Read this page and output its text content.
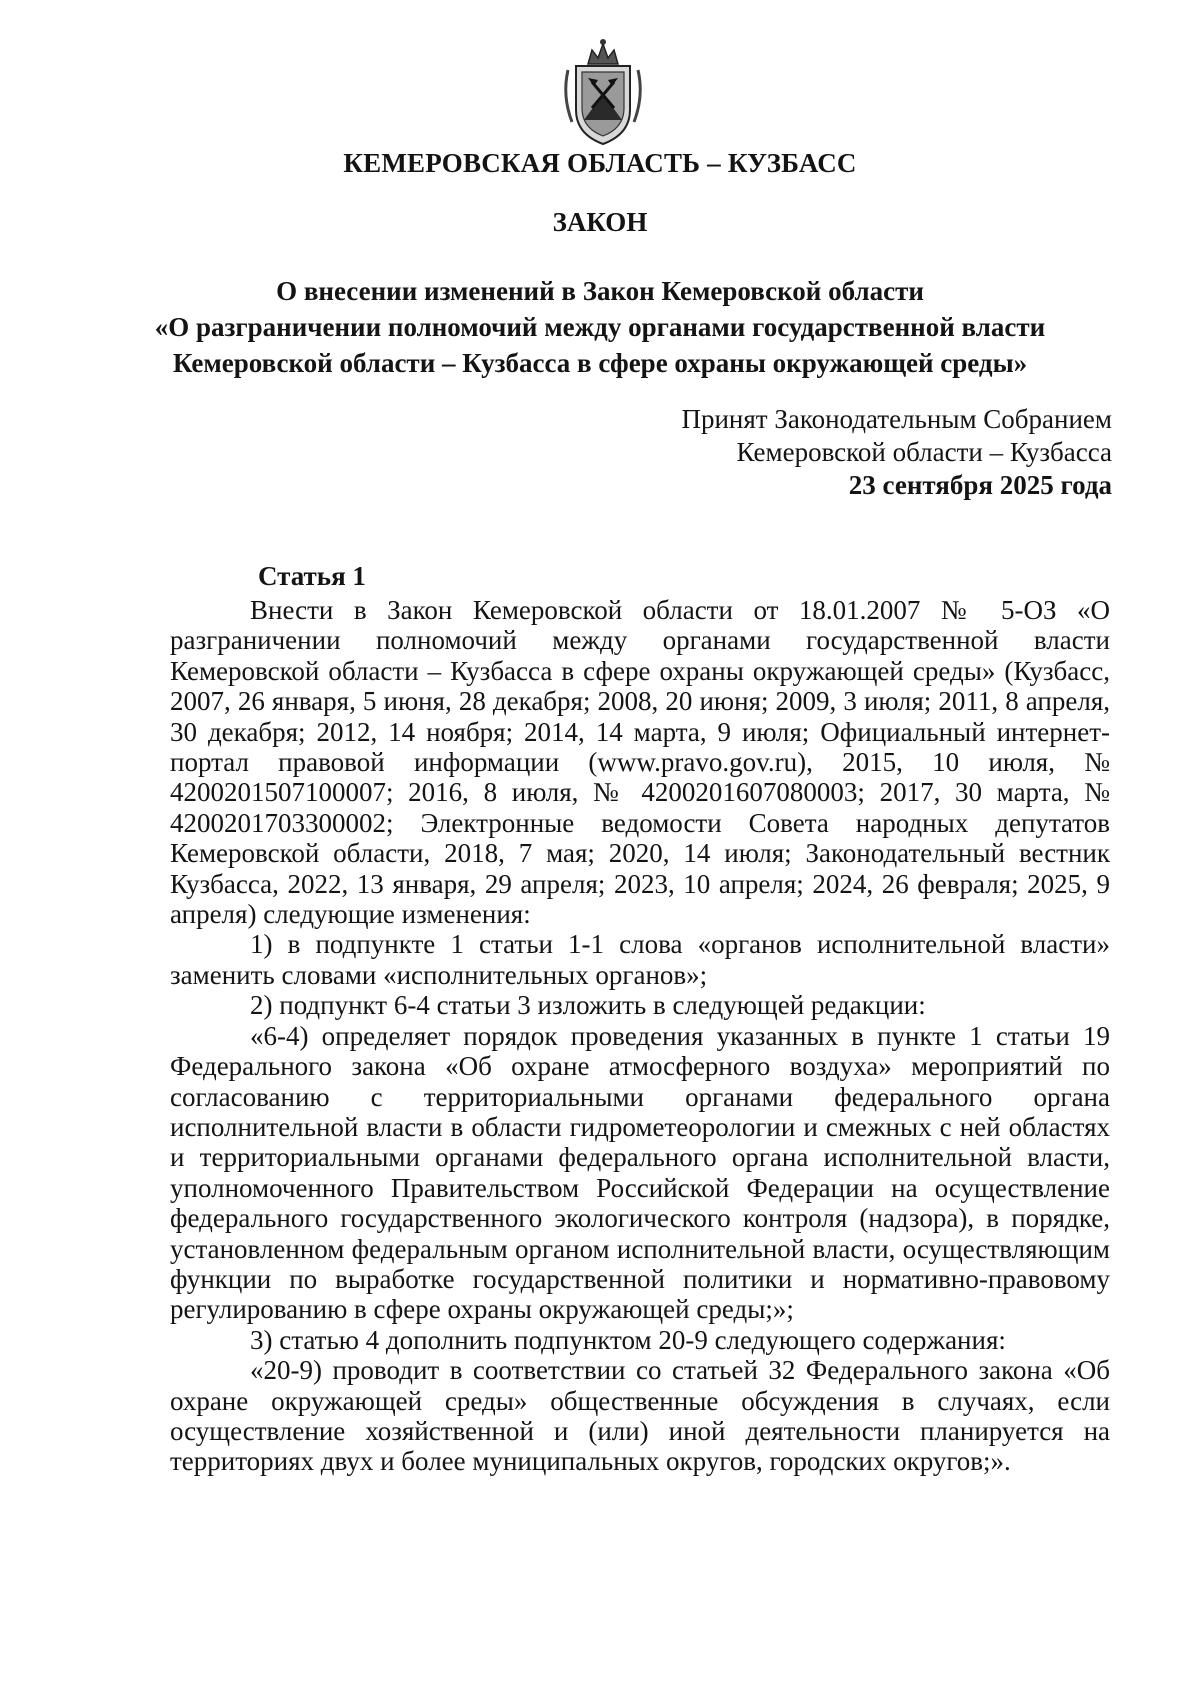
КЕМЕРОВСКАЯ ОБЛАСТЬ – КУЗБАСС
ЗАКОН
О внесении изменений в Закон Кемеровской области
«О разграничении полномочий между органами государственной власти
Кемеровской области – Кузбасса в сфере охраны окружающей среды»
Принят Законодательным Собранием
Кемеровской области – Кузбасса
23 сентября 2025 года
Статья 1

Внести в Закон Кемеровской области от 18.01.2007 № 5-ОЗ «О разграничении полномочий между органами государственной власти Кемеровской области – Кузбасса в сфере охраны окружающей среды» (Кузбасс, 2007, 26 января, 5 июня, 28 декабря; 2008, 20 июня; 2009, 3 июля; 2011, 8 апреля, 30 декабря; 2012, 14 ноября; 2014, 14 марта, 9 июля; Официальный интернет-портал правовой информации (www.pravo.gov.ru), 2015, 10 июля, № 4200201507100007; 2016, 8 июля, № 4200201607080003; 2017, 30 марта, № 4200201703300002; Электронные ведомости Совета народных депутатов Кемеровской области, 2018, 7 мая; 2020, 14 июля; Законодательный вестник Кузбасса, 2022, 13 января, 29 апреля; 2023, 10 апреля; 2024, 26 февраля; 2025, 9 апреля) следующие изменения:

1) в подпункте 1 статьи 1-1 слова «органов исполнительной власти» заменить словами «исполнительных органов»;

2) подпункт 6-4 статьи 3 изложить в следующей редакции:

«6-4) определяет порядок проведения указанных в пункте 1 статьи 19 Федерального закона «Об охране атмосферного воздуха» мероприятий по согласованию с территориальными органами федерального органа исполнительной власти в области гидрометеорологии и смежных с ней областях и территориальными органами федерального органа исполнительной власти, уполномоченного Правительством Российской Федерации на осуществление федерального государственного экологического контроля (надзора), в порядке, установленном федеральным органом исполнительной власти, осуществляющим функции по выработке государственной политики и нормативно-правовому регулированию в сфере охраны окружающей среды;»;

3) статью 4 дополнить подпунктом 20-9 следующего содержания:

«20-9) проводит в соответствии со статьей 32 Федерального закона «Об охране окружающей среды» общественные обсуждения в случаях, если осуществление хозяйственной и (или) иной деятельности планируется на территориях двух и более муниципальных округов, городских округов;».
